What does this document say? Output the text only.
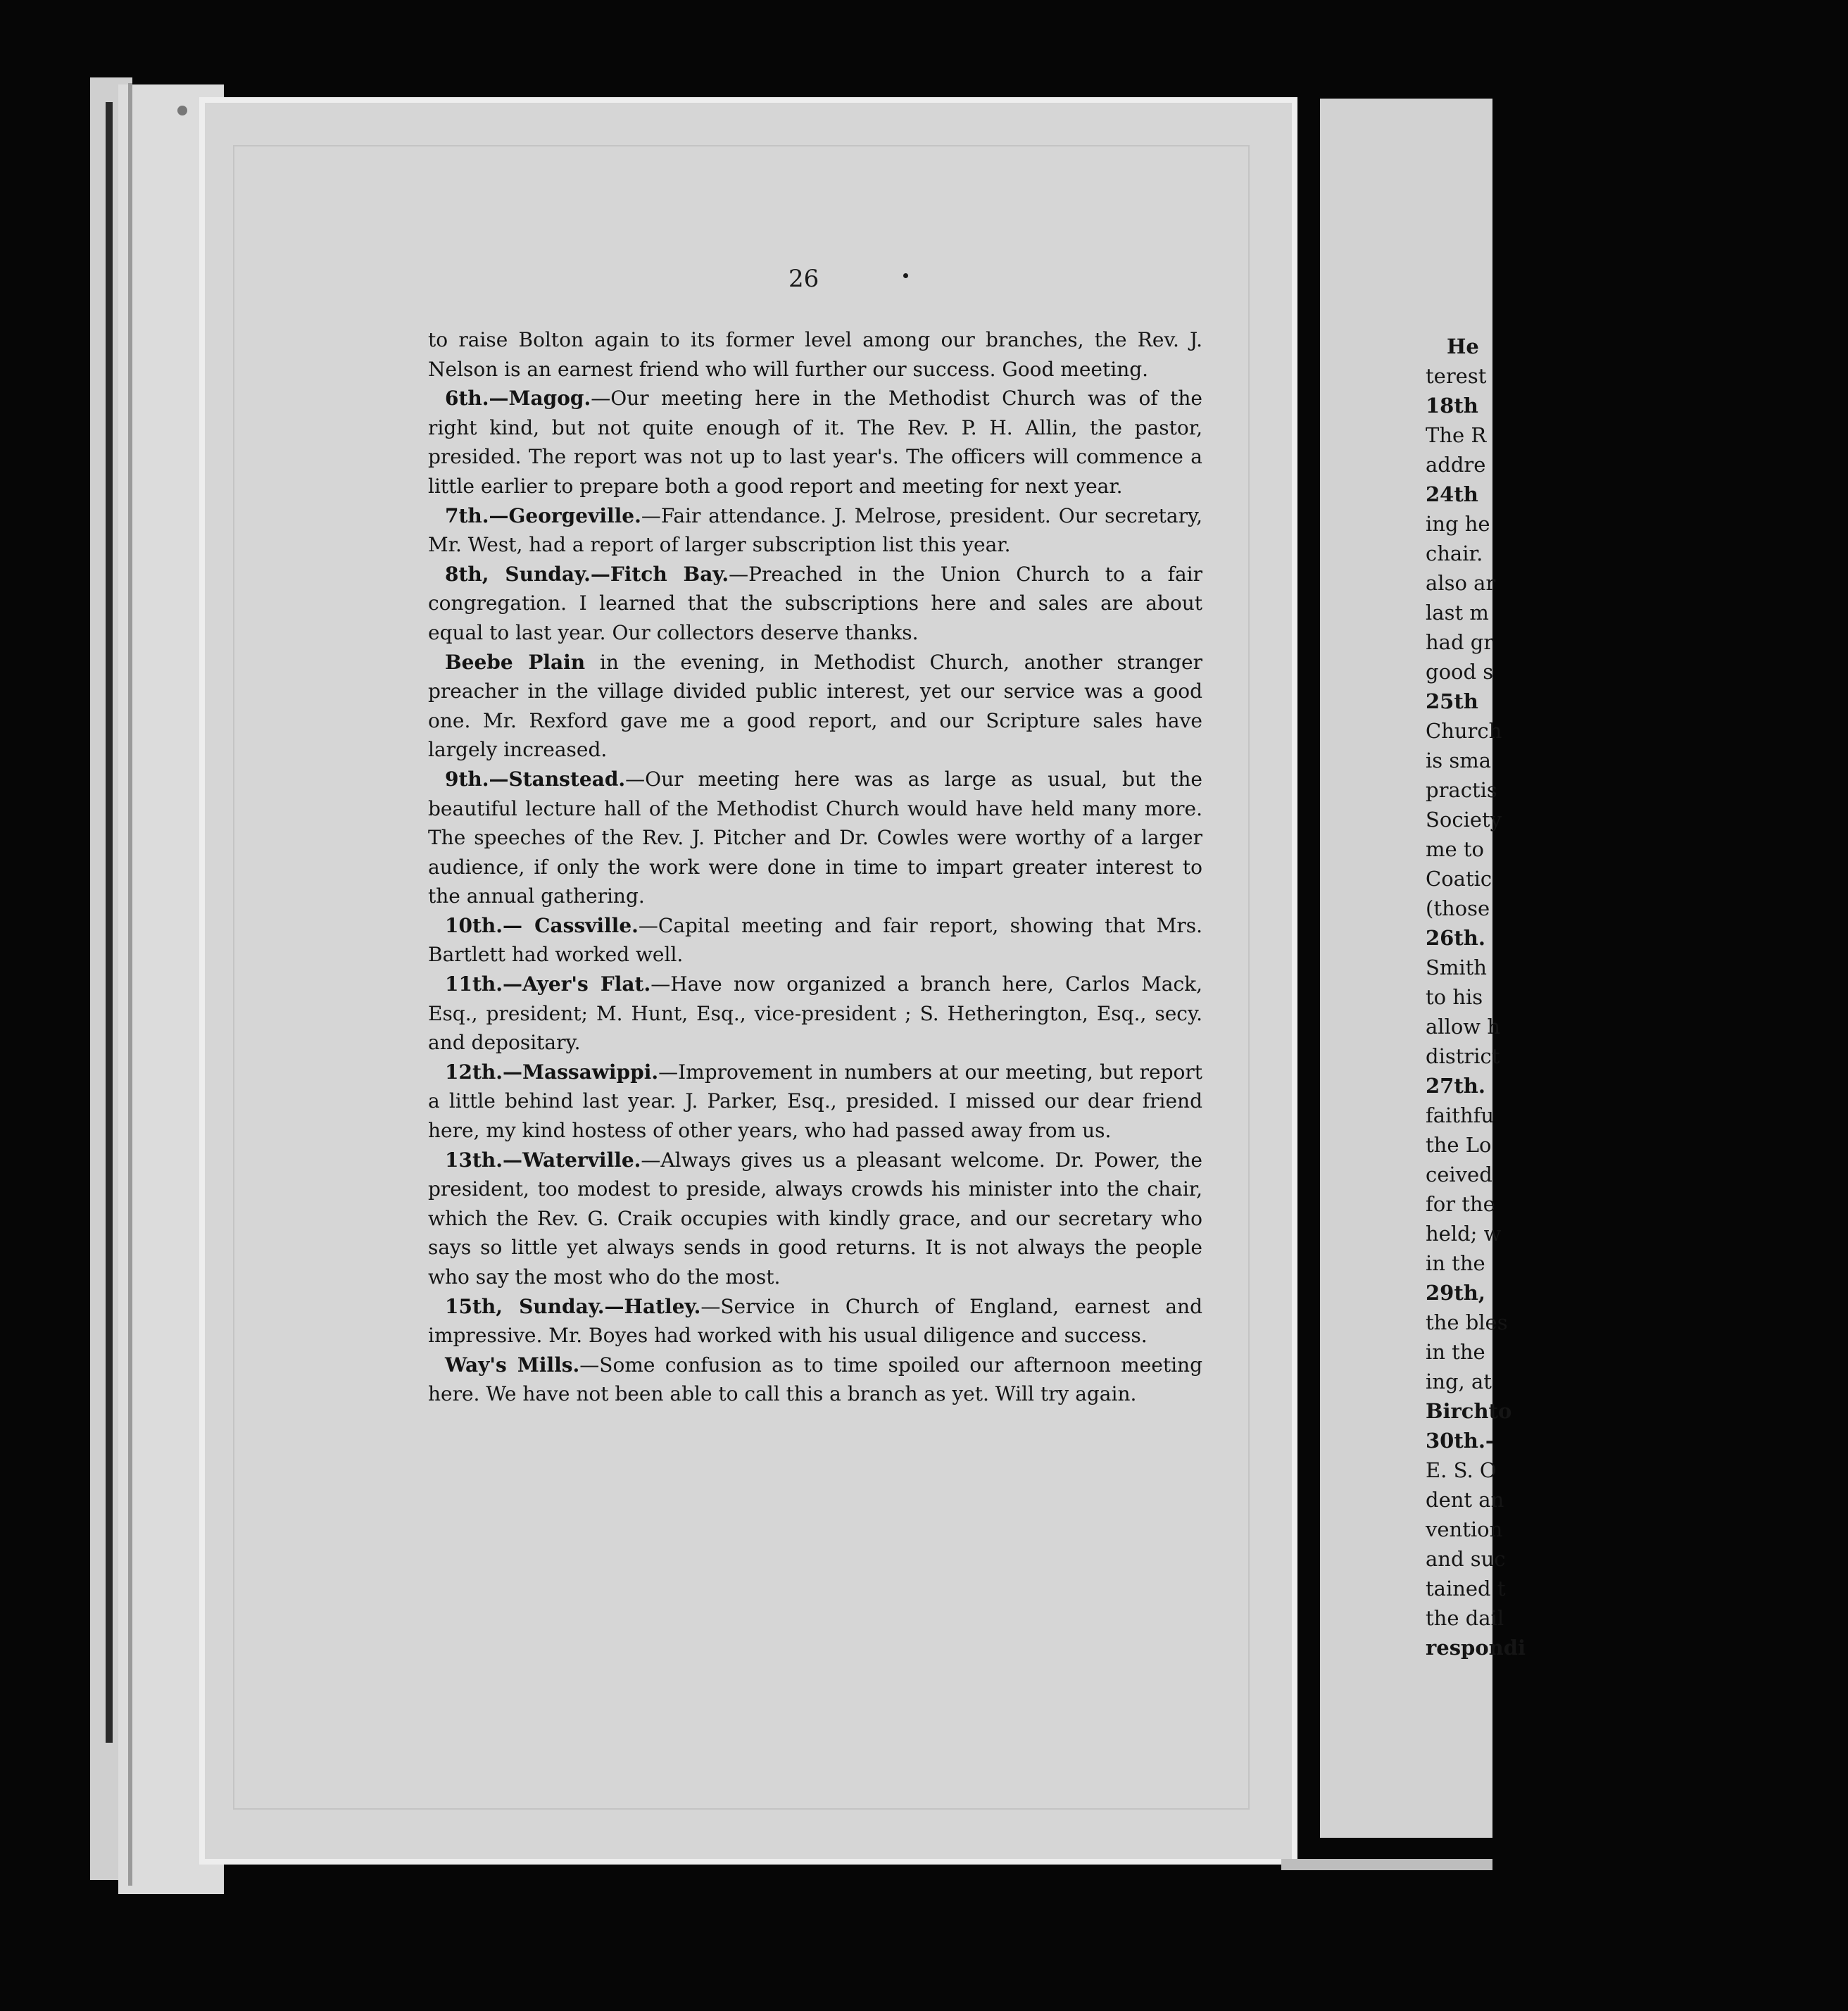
He
terest
18th
The R
addre
24th
ing he
chair.
also ar
last m
had gr
good s
25th
Church
is sma
practis
Society
me to
Coatic
(those
26th.
Smith
to his
allow h
district
27th.
faithfu
the Lo
ceived
for the
held; w
in the
29th,
the bles
in the
ing, at
Birchto
30th.-
E. S. O
dent an
vention
and suc
tained t
the dail
respondi
26

to raise Bolton again to its former level among our branches, the Rev. J. Nelson is an earnest friend who will further our success. Good meeting.

6th.—Magog.—Our meeting here in the Methodist Church was of the right kind, but not quite enough of it. The Rev. P. H. Allin, the pastor, presided. The report was not up to last year's. The officers will commence a little earlier to prepare both a good report and meeting for next year.

7th.—Georgeville.—Fair attendance. J. Melrose, president. Our secretary, Mr. West, had a report of larger subscription list this year.

8th, Sunday.—Fitch Bay.—Preached in the Union Church to a fair congregation. I learned that the subscriptions here and sales are about equal to last year. Our collectors deserve thanks.

Beebe Plain in the evening, in Methodist Church, another stranger preacher in the village divided public interest, yet our service was a good one. Mr. Rexford gave me a good report, and our Scripture sales have largely increased.

9th.—Stanstead.—Our meeting here was as large as usual, but the beautiful lecture hall of the Methodist Church would have held many more. The speeches of the Rev. J. Pitcher and Dr. Cowles were worthy of a larger audience, if only the work were done in time to impart greater interest to the annual gathering.

10th.— Cassville.—Capital meeting and fair report, showing that Mrs. Bartlett had worked well.

11th.—Ayer's Flat.—Have now organized a branch here, Carlos Mack, Esq., president; M. Hunt, Esq., vice-president ; S. Hetherington, Esq., secy. and depositary.

12th.—Massawippi.—Improvement in numbers at our meeting, but report a little behind last year. J. Parker, Esq., presided. I missed our dear friend here, my kind hostess of other years, who had passed away from us.

13th.—Waterville.—Always gives us a pleasant welcome. Dr. Power, the president, too modest to preside, always crowds his minister into the chair, which the Rev. G. Craik occupies with kindly grace, and our secretary who says so little yet always sends in good returns. It is not always the people who say the most who do the most.

15th, Sunday.—Hatley.—Service in Church of England, earnest and impressive. Mr. Boyes had worked with his usual diligence and success.

Way's Mills.—Some confusion as to time spoiled our afternoon meeting here. We have not been able to call this a branch as yet. Will try again.
